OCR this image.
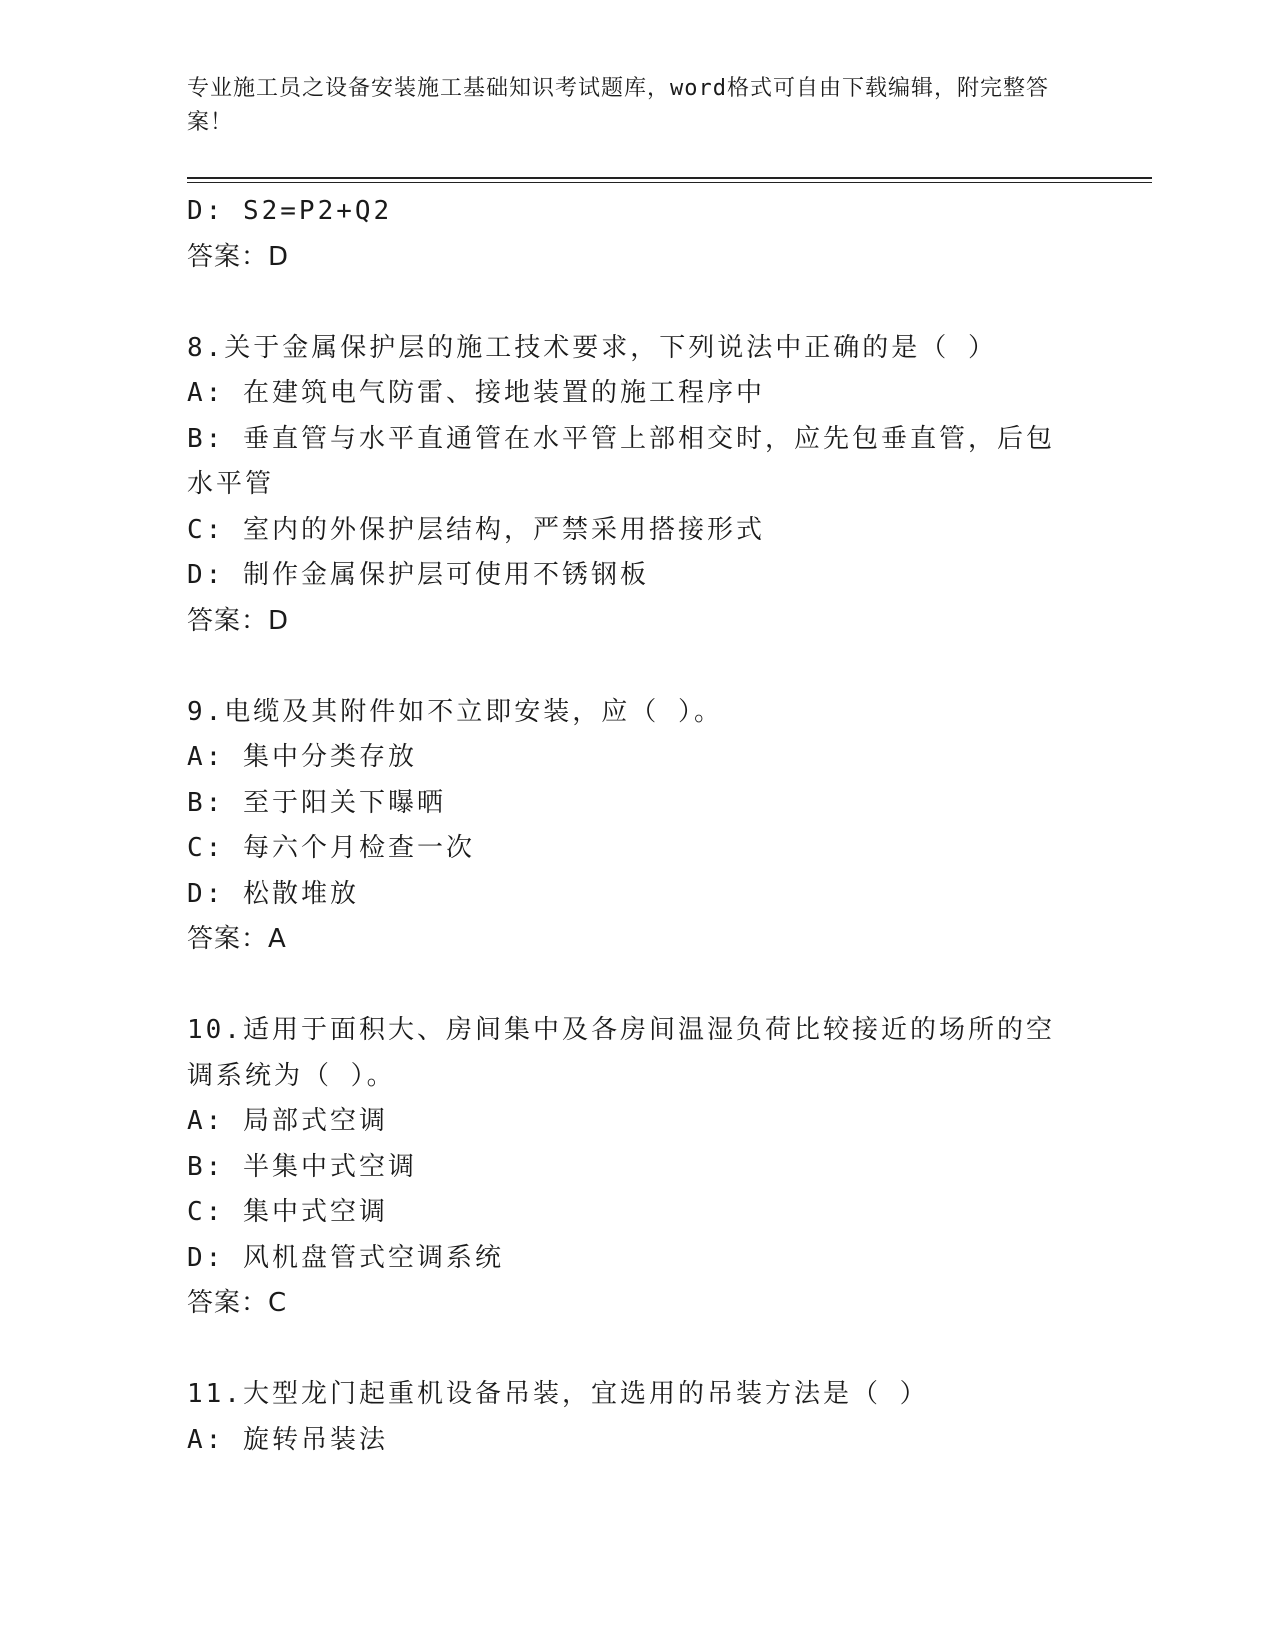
专业施工员之设备安装施工基础知识考试题库，word格式可自由下载编辑，附完整答案！
D: S2=P2+Q2
答案：D
8.关于金属保护层的施工技术要求，下列说法中正确的是（ ）
A: 在建筑电气防雷、接地装置的施工程序中
B: 垂直管与水平直通管在水平管上部相交时，应先包垂直管，后包水平管
C: 室内的外保护层结构，严禁采用搭接形式
D: 制作金属保护层可使用不锈钢板
答案：D
9.电缆及其附件如不立即安装，应（ ）。
A: 集中分类存放
B: 至于阳关下曝晒
C: 每六个月检查一次
D: 松散堆放
答案：A
10.适用于面积大、房间集中及各房间温湿负荷比较接近的场所的空调系统为（ ）。
A: 局部式空调
B: 半集中式空调
C: 集中式空调
D: 风机盘管式空调系统
答案：C
11.大型龙门起重机设备吊装，宜选用的吊装方法是（ ）
A: 旋转吊装法
